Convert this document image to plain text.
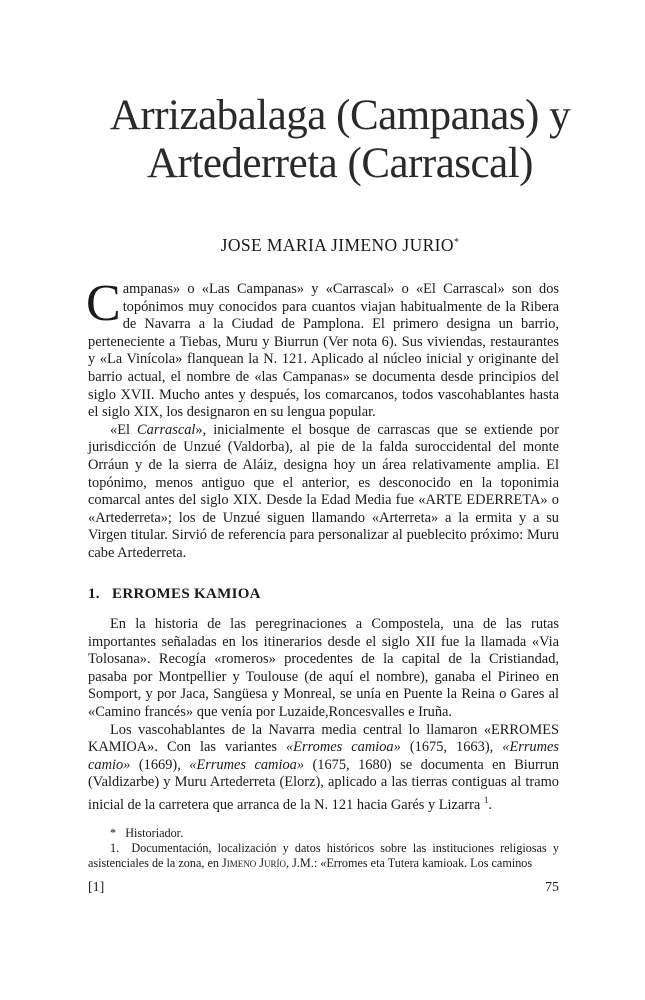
Arrizabalaga (Campanas) y
Artederreta (Carrascal)
JOSE MARIA JIMENO JURIO*

Campanas» o «Las Campanas» y «Carrascal» o «El Carrascal» son dos topónimos muy conocidos para cuantos viajan habitualmente de la Ribera de Navarra a la Ciudad de Pamplona. El primero designa un barrio, perteneciente a Tiebas, Muru y Biurrun (Ver nota 6). Sus viviendas, restaurantes y «La Vinícola» flanquean la N. 121. Aplicado al núcleo inicial y originante del barrio actual, el nombre de «las Campanas» se documenta desde principios del siglo XVII. Mucho antes y después, los comarcanos, todos vascohablantes hasta el siglo XIX, los designaron en su lengua popular.

«El Carrascal», inicialmente el bosque de carrascas que se extiende por jurisdicción de Unzué (Valdorba), al pie de la falda suroccidental del monte Orráun y de la sierra de Aláiz, designa hoy un área relativamente amplia. El topónimo, menos antiguo que el anterior, es desconocido en la toponimia comarcal antes del siglo XIX. Desde la Edad Media fue «ARTE EDERRETA» o «Artederreta»; los de Unzué siguen llamando «Arterreta» a la ermita y a su Virgen titular. Sirvió de referencia para personalizar al pueblecito próximo: Muru cabe Artederreta.

1. ERROMES KAMIOA

En la historia de las peregrinaciones a Compostela, una de las rutas importantes señaladas en los itinerarios desde el siglo XII fue la llamada «Via Tolosana». Recogía «romeros» procedentes de la capital de la Cristiandad, pasaba por Montpellier y Toulouse (de aquí el nombre), ganaba el Pirineo en Somport, y por Jaca, Sangüesa y Monreal, se unía en Puente la Reina o Gares al «Camino francés» que venía por Luzaide,Roncesvalles e Iruña.

Los vascohablantes de la Navarra media central lo llamaron «ERROMES KAMIOA». Con las variantes «Erromes camioa» (1675, 1663), «Errumes camio» (1669), «Errumes camioa» (1675, 1680) se documenta en Biurrun (Valdizarbe) y Muru Artederreta (Elorz), aplicado a las tierras contiguas al tramo inicial de la carretera que arranca de la N. 121 hacia Garés y Lizarra $^1$.

* Historiador.

1. Documentación, localización y datos históricos sobre las instituciones religiosas y asistenciales de la zona, en Jimeno Jurío, J.M.: «Erromes eta Tutera kamioak. Los caminos

[1]	75
